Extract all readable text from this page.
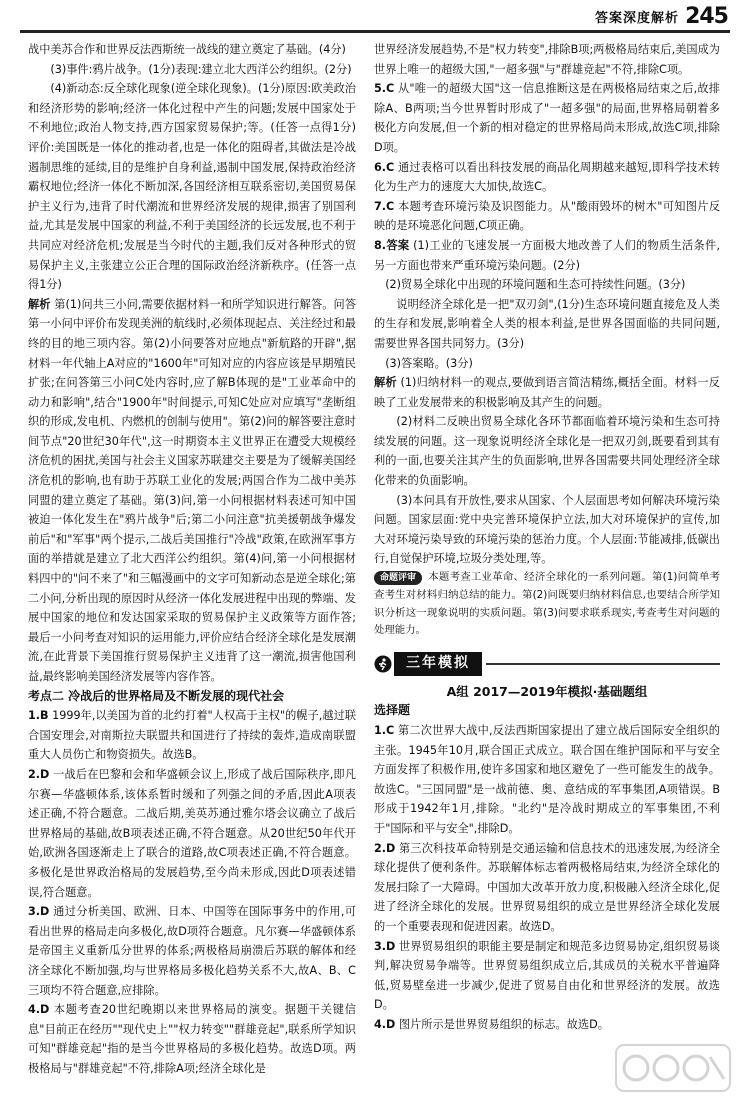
答案深度解析 245

战中美苏合作和世界反法西斯统一战线的建立奠定了基础。(4分)

(3)事件:鸦片战争。(1分)表现:建立北大西洋公约组织。(2分)

(4)新动态:反全球化现象(逆全球化现象)。(1分)原因:欧美政治和经济形势的影响;经济一体化过程中产生的问题;发展中国家处于不利地位;政治人物支持,西方国家贸易保护;等。(任答一点得1分)评价:美国既是一体化的推动者,也是一体化的阻碍者,其做法是冷战遏制思维的延续,目的是维护自身利益,遏制中国发展,保持政治经济霸权地位;经济一体化不断加深,各国经济相互联系密切,美国贸易保护主义行为,违背了时代潮流和世界经济发展的规律,损害了别国利益,尤其是发展中国家的利益,不利于美国经济的长远发展,也不利于共同应对经济危机;发展是当今时代的主题,我们反对各种形式的贸易保护主义,主张建立公正合理的国际政治经济新秩序。(任答一点得1分)

解析 第(1)问共三小问,需要依据材料一和所学知识进行解答。问答第一小问中评价布发现美洲的航线时,必须体现起点、关注经过和最终的目的地三项内容。第(2)小问要答对应地点"新航路的开辟",据材料一年代轴上A对应的"1600年"可知对应的内容应该是早期殖民扩张;在问答第三小问C处内容时,应了解B体现的是"工业革命中的动力和影响",结合"1900年"时间提示,可知C处应对应填写"垄断组织的形成,发电机、内燃机的创制与使用"。第(2)问的解答要注意时间节点"20世纪30年代",这一时期资本主义世界正在遭受大规模经济危机的困扰,美国与社会主义国家苏联建交主要是为了缓解美国经济危机的影响,也有助于苏联工业化的发展;两国合作为二战中美苏同盟的建立奠定了基础。第(3)问,第一小问根据材料表述可知中国被迫一体化发生在"鸦片战争"后;第二小问注意"抗美援朝战争爆发前后"和"军事"两个提示,二战后美国推行"冷战"政策,在欧洲军事方面的举措就是建立了北大西洋公约组织。第(4)问,第一小问根据材料四中的"问不来了"和三幅漫画中的文字可知新动态是逆全球化;第二小问,分析出现的原因时从经济一体化发展进程中出现的弊端、发展中国家的地位和发达国家采取的贸易保护主义政策等方面作答;最后一小问考查对知识的运用能力,评价应结合经济全球化是发展潮流,在此背景下美国推行贸易保护主义违背了这一潮流,损害他国利益,最终影响美国经济发展等内容作答。

考点二 冷战后的世界格局及不断发展的现代社会

1.B 1999年,以美国为首的北约打着"人权高于主权"的幌子,越过联合国安理会,对南斯拉夫联盟共和国进行了持续的轰炸,造成南联盟重大人员伤亡和物资损失。故选B。

2.D 一战后在巴黎和会和华盛顿会议上,形成了战后国际秩序,即凡尔赛—华盛顿体系,该体系暂时缓和了列强之间的矛盾,因此A项表述正确,不符合题意。二战后期,美英苏通过雅尔塔会议确立了战后世界格局的基础,故B项表述正确,不符合题意。从20世纪50年代开始,欧洲各国逐渐走上了联合的道路,故C项表述正确,不符合题意。多极化是世界政治格局的发展趋势,至今尚未形成,因此D项表述错误,符合题意。

3.D 通过分析美国、欧洲、日本、中国等在国际事务中的作用,可看出世界的格局走向多极化,故D项符合题意。凡尔赛—华盛顿体系是帝国主义重新瓜分世界的体系;两极格局崩溃后苏联的解体和经济全球化不断加强,均与世界格局多极化趋势关系不大,故A、B、C三项均不符合题意,应排除。

4.D 本题考查20世纪晚期以来世界格局的演变。据题干关键信息"目前正在经历""现代史上""权力转变""群雄竞起",联系所学知识可知"群雄竞起"指的是当今世界格局的多极化趋势。故选D项。两极格局与"群雄竞起"不符,排除A项;经济全球化是

世界经济发展趋势,不是"权力转变",排除B项;两极格局结束后,美国成为世界上唯一的超级大国,"一超多强"与"群雄竞起"不符,排除C项。

5.C 从"唯一的超级大国"这一信息推断这是在两极格局结束之后,故排除A、B两项;当今世界暂时形成了"一超多强"的局面,世界格局朝着多极化方向发展,但一个新的相对稳定的世界格局尚未形成,故选C项,排除D项。

6.C 通过表格可以看出科技发展的商品化周期越来越短,即科学技术转化为生产力的速度大大加快,故选C。

7.C 本题考查环境污染及识图能力。从"酸雨毁坏的树木"可知图片反映的是环境恶化问题,C项正确。

8.答案 (1)工业的飞速发展一方面极大地改善了人们的物质生活条件,另一方面也带来严重环境污染问题。(2分)

(2)贸易全球化中出现的环境问题和生态可持续性问题。(3分)

说明经济全球化是一把"双刃剑",(1分)生态环境问题直接危及人类的生存和发展,影响着全人类的根本利益,是世界各国面临的共同问题,需要世界各国共同努力。(3分)

(3)答案略。(3分)

解析 (1)归纳材料一的观点,要做到语言简洁精练,概括全面。材料一反映了工业发展带来的积极影响及其产生的问题。

(2)材料二反映出贸易全球化各环节都面临着环境污染和生态可持续发展的问题。这一现象说明经济全球化是一把双刃剑,既要看到其有利的一面,也要关注其产生的负面影响,世界各国需要共同处理经济全球化带来的负面影响。

(3)本问具有开放性,要求从国家、个人层面思考如何解决环境污染问题。国家层面:党中央完善环境保护立法,加大对环境保护的宣传,加大对环境污染导致的环境污染的惩治力度。个人层面:节能减排,低碳出行,自觉保护环境,垃圾分类处理,等。

命题评审 本题考查工业革命、经济全球化的一系列问题。第(1)问简单考查考生对材料归纳总结的能力。第(2)问既要归纳材料信息,也要结合所学知识分析这一现象说明的实质问题。第(3)问要求联系现实,考查考生对问题的处理能力。

三年模拟

A组 2017—2019年模拟·基础题组

选择题

1.C 第二次世界大战中,反法西斯国家提出了建立战后国际安全组织的主张。1945年10月,联合国正式成立。联合国在维护国际和平与安全方面发挥了积极作用,使许多国家和地区避免了一些可能发生的战争。故选C。"三国同盟"是一战前德、奥、意结成的军事集团,A项错误。B形成于1942年1月,排除。"北约"是冷战时期成立的军事集团,不利于"国际和平与安全",排除D。

2.D 第三次科技革命特别是交通运输和信息技术的迅速发展,为经济全球化提供了便利条件。苏联解体标志着两极格局结束,为经济全球化的发展扫除了一大障碍。中国加大改革开放力度,积极融入经济全球化,促进了经济全球化的发展。世界贸易组织的成立是世界经济全球化发展的一个重要表现和促进因素。故选D。

3.D 世界贸易组织的职能主要是制定和规范多边贸易协定,组织贸易谈判,解决贸易争端等。世界贸易组织成立后,其成员的关税水平普遍降低,贸易壁垒进一步减少,促进了贸易自由化和世界经济的发展。故选D。

4.D 图片所示是世界贸易组织的标志。故选D。
